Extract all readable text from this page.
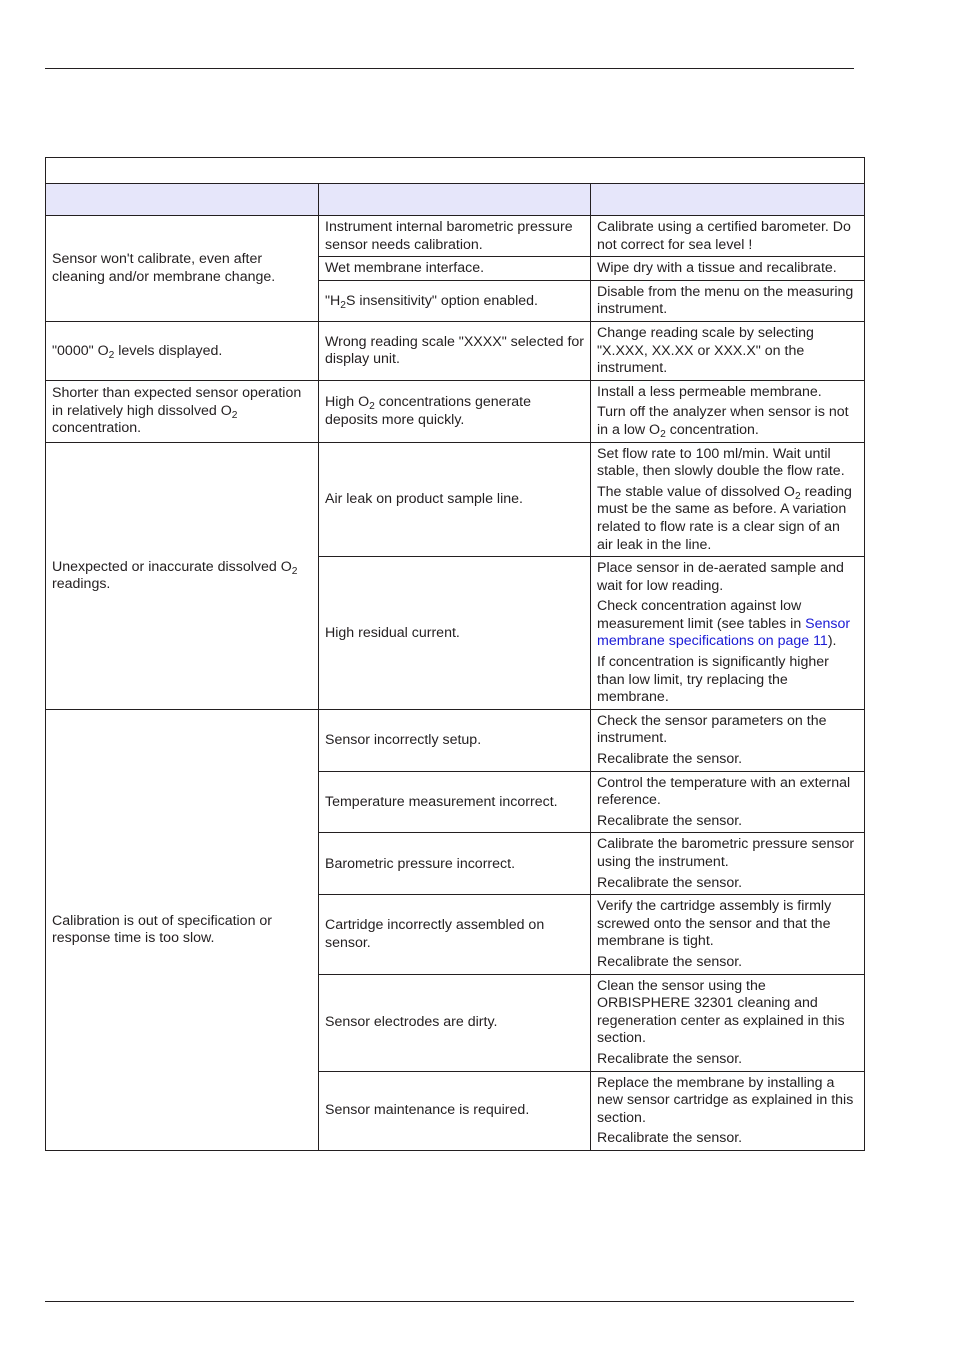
Sensor won't calibrate, even after cleaning and/or membrane change.	Instrument internal barometric pressure sensor needs calibration.	Calibrate using a certified barometer. Do not correct for sea level !

	Wet membrane interface.	Wipe dry with a tissue and recalibrate.

	"$H_2S$ insensitivity" option enabled.	Disable from the menu on the measuring instrument.

"0000" $O_2$ levels displayed.	Wrong reading scale "XXXX" selected for display unit.	Change reading scale by selecting "X.XXX, XX.XX or XXX.X" on the instrument.

Shorter than expected sensor operation in relatively high dissolved $O_2$ concentration.	High $O_2$ concentrations generate deposits more quickly.	Install a less permeable membrane.

Turn off the analyzer when sensor is not in a low $O_2$ concentration.

Unexpected or inaccurate dissolved $O_2$ readings.	Air leak on product sample line.	Set flow rate to 100 ml/min. Wait until stable, then slowly double the flow rate.

The stable value of dissolved $O_2$ reading must be the same as before. A variation related to flow rate is a clear sign of an air leak in the line.

	High residual current.	Place sensor in de-aerated sample and wait for low reading.

Check concentration against low measurement limit (see tables in Sensor membrane specifications on page 11).

If concentration is significantly higher than low limit, try replacing the membrane.

Calibration is out of specification or response time is too slow.	Sensor incorrectly setup.	Check the sensor parameters on the instrument.

Recalibrate the sensor.

	Temperature measurement incorrect.	Control the temperature with an external reference.

Recalibrate the sensor.

	Barometric pressure incorrect.	Calibrate the barometric pressure sensor using the instrument.

Recalibrate the sensor.

	Cartridge incorrectly assembled on sensor.	Verify the cartridge assembly is firmly screwed onto the sensor and that the membrane is tight.

Recalibrate the sensor.

	Sensor electrodes are dirty.	Clean the sensor using the ORBISPHERE 32301 cleaning and regeneration center as explained in this section.

Recalibrate the sensor.

	Sensor maintenance is required.	Replace the membrane by installing a new sensor cartridge as explained in this section.

Recalibrate the sensor.
